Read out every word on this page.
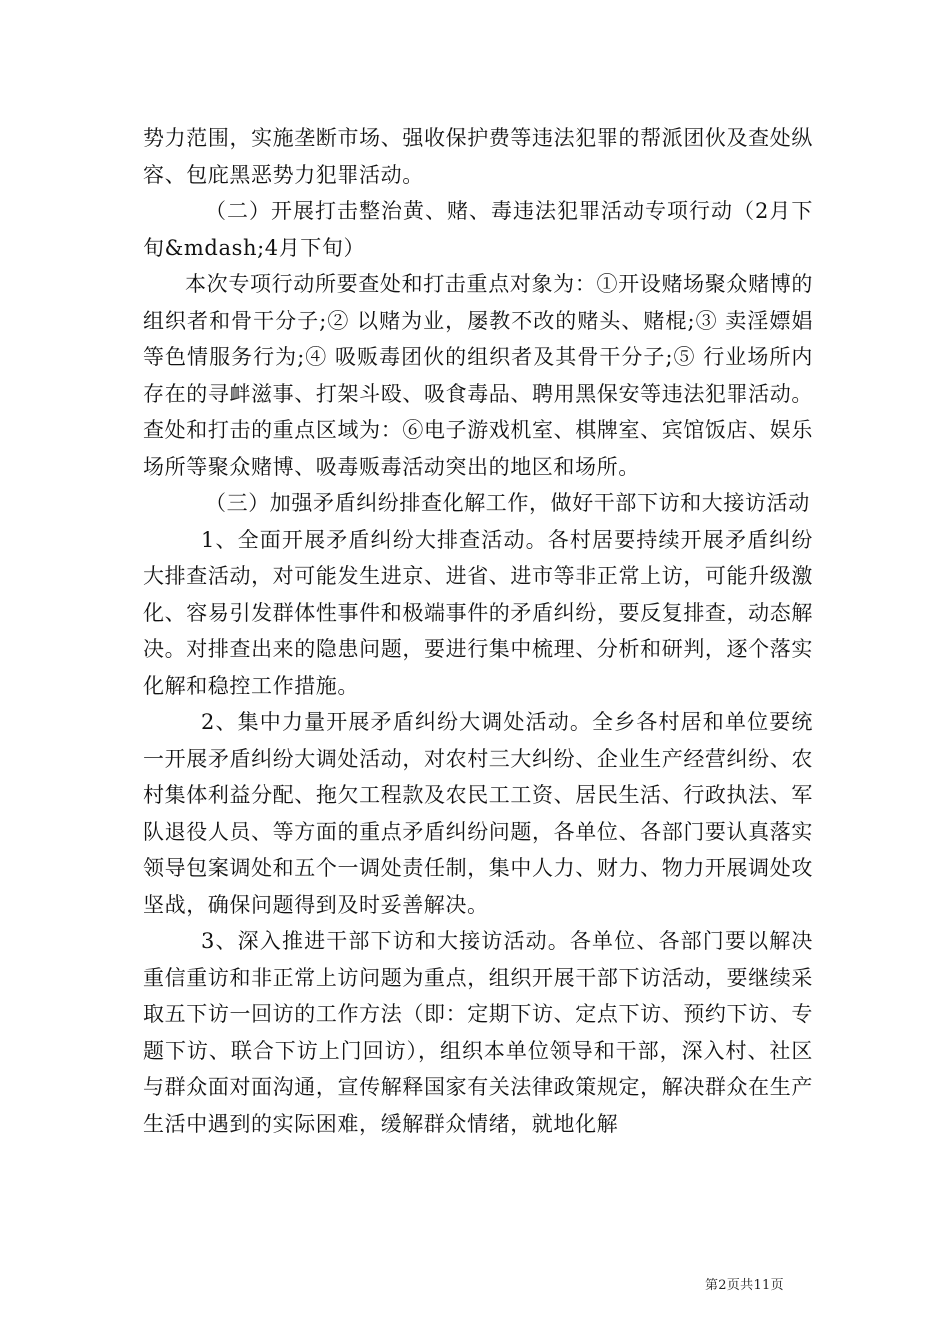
势力范围，实施垄断市场、强收保护费等违法犯罪的帮派团伙及查处纵容、包庇黑恶势力犯罪活动。

（二）开展打击整治黄、赌、毒违法犯罪活动专项行动（2月下旬&mdash;4月下旬）

本次专项行动所要查处和打击重点对象为：①开设赌场聚众赌博的组织者和骨干分子;② 以赌为业，屡教不改的赌头、赌棍;③ 卖淫嫖娼等色情服务行为;④ 吸贩毒团伙的组织者及其骨干分子;⑤ 行业场所内存在的寻衅滋事、打架斗殴、吸食毒品、聘用黑保安等违法犯罪活动。查处和打击的重点区域为：⑥电子游戏机室、棋牌室、宾馆饭店、娱乐场所等聚众赌博、吸毒贩毒活动突出的地区和场所。

（三）加强矛盾纠纷排查化解工作，做好干部下访和大接访活动

1、全面开展矛盾纠纷大排查活动。各村居要持续开展矛盾纠纷大排查活动，对可能发生进京、进省、进市等非正常上访，可能升级激化、容易引发群体性事件和极端事件的矛盾纠纷，要反复排查，动态解决。对排查出来的隐患问题，要进行集中梳理、分析和研判，逐个落实化解和稳控工作措施。

2、集中力量开展矛盾纠纷大调处活动。全乡各村居和单位要统一开展矛盾纠纷大调处活动，对农村三大纠纷、企业生产经营纠纷、农村集体利益分配、拖欠工程款及农民工工资、居民生活、行政执法、军队退役人员、等方面的重点矛盾纠纷问题，各单位、各部门要认真落实领导包案调处和五个一调处责任制，集中人力、财力、物力开展调处攻坚战，确保问题得到及时妥善解决。

3、深入推进干部下访和大接访活动。各单位、各部门要以解决重信重访和非正常上访问题为重点，组织开展干部下访活动，要继续采取五下访一回访的工作方法（即：定期下访、定点下访、预约下访、专题下访、联合下访上门回访），组织本单位领导和干部，深入村、社区与群众面对面沟通，宣传解释国家有关法律政策规定，解决群众在生产生活中遇到的实际困难，缓解群众情绪，就地化解

第2页共11页
